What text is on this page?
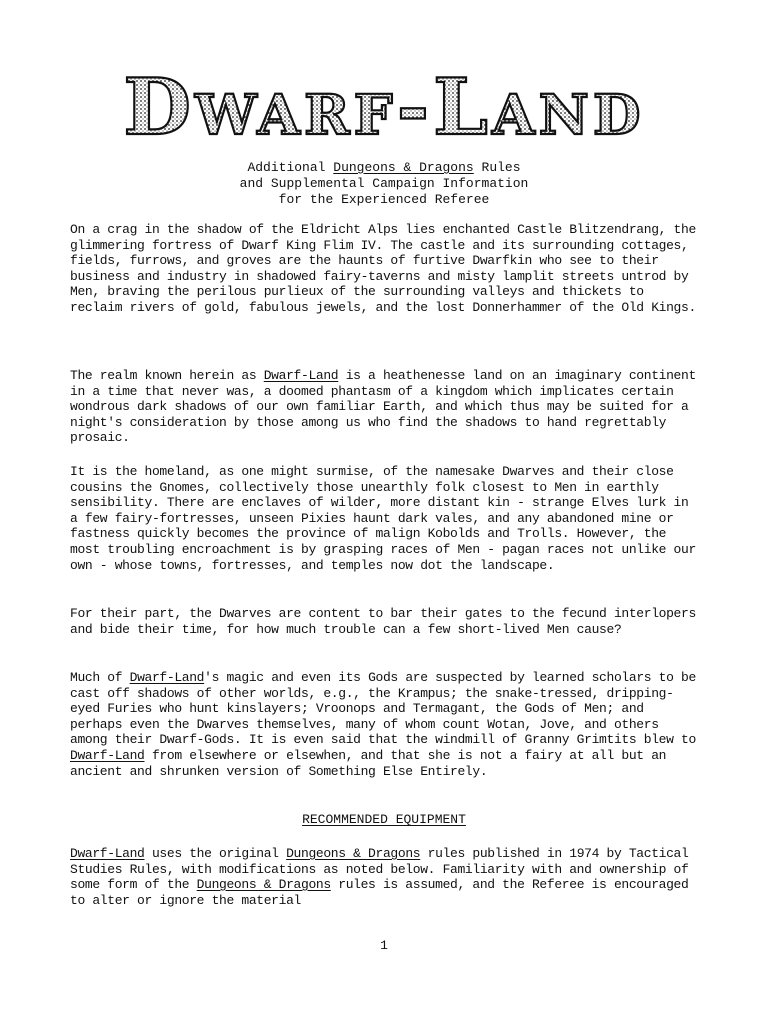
Dwarf-Land
Additional Dungeons & Dragons Rules
and Supplemental Campaign Information
for the Experienced Referee

On a crag in the shadow of the Eldricht Alps lies enchanted Castle Blitzendrang, the glimmering fortress of Dwarf King Flim IV. The castle and its surrounding cottages, fields, furrows, and groves are the haunts of furtive Dwarfkin who see to their business and industry in shadowed fairy-taverns and misty lamplit streets untrod by Men, braving the perilous purlieux of the surrounding valleys and thickets to reclaim rivers of gold, fabulous jewels, and the lost Donnerhammer of the Old Kings.

The realm known herein as Dwarf-Land is a heathenesse land on an imaginary continent in a time that never was, a doomed phantasm of a kingdom which implicates certain wondrous dark shadows of our own familiar Earth, and which thus may be suited for a night's consideration by those among us who find the shadows to hand regrettably prosaic.

It is the homeland, as one might surmise, of the namesake Dwarves and their close cousins the Gnomes, collectively those unearthly folk closest to Men in earthly sensibility. There are enclaves of wilder, more distant kin - strange Elves lurk in a few fairy-fortresses, unseen Pixies haunt dark vales, and any abandoned mine or fastness quickly becomes the province of malign Kobolds and Trolls. However, the most troubling encroachment is by grasping races of Men - pagan races not unlike our own - whose towns, fortresses, and temples now dot the landscape.

For their part, the Dwarves are content to bar their gates to the fecund interlopers and bide their time, for how much trouble can a few short-lived Men cause?

Much of Dwarf-Land's magic and even its Gods are suspected by learned scholars to be cast off shadows of other worlds, e.g., the Krampus; the snake-tressed, dripping-eyed Furies who hunt kinslayers; Vroonops and Termagant, the Gods of Men; and perhaps even the Dwarves themselves, many of whom count Wotan, Jove, and others among their Dwarf-Gods. It is even said that the windmill of Granny Grimtits blew to Dwarf-Land from elsewhere or elsewhen, and that she is not a fairy at all but an ancient and shrunken version of Something Else Entirely.

RECOMMENDED EQUIPMENT

Dwarf-Land uses the original Dungeons & Dragons rules published in 1974 by Tactical Studies Rules, with modifications as noted below. Familiarity with and ownership of some form of the Dungeons & Dragons rules is assumed, and the Referee is encouraged to alter or ignore the material

1
